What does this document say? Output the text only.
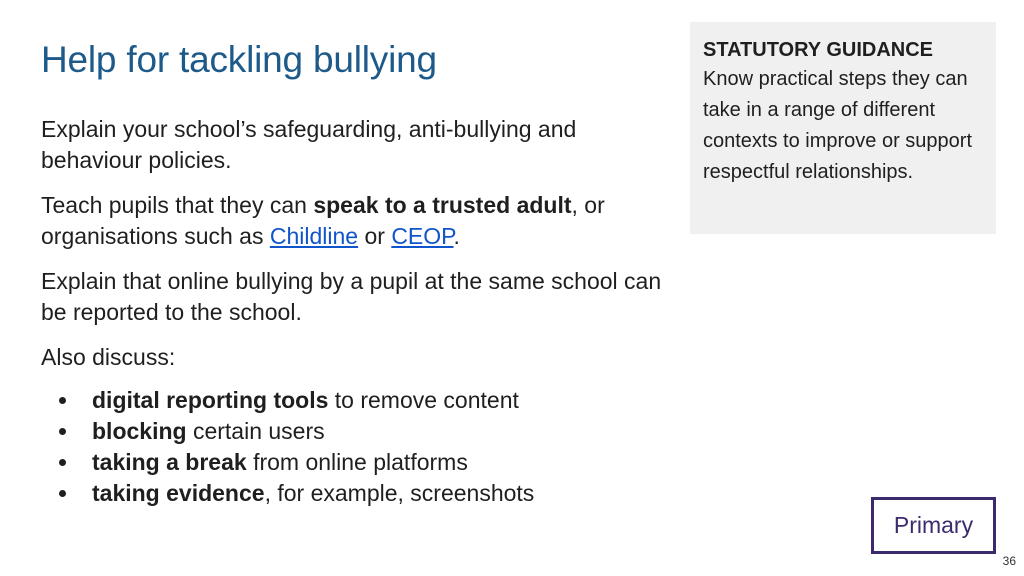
Help for tackling bullying

Explain your school’s safeguarding, anti-bullying and behaviour policies.

Teach pupils that they can speak to a trusted adult, or organisations such as Childline or CEOP.

Explain that online bullying by a pupil at the same school can be reported to the school.

Also discuss:

digital reporting tools to remove content
blocking certain users
taking a break from online platforms
taking evidence, for example, screenshots
STATUTORY GUIDANCE
Know practical steps they can take in a range of different contexts to improve or support respectful relationships.
Primary
36
